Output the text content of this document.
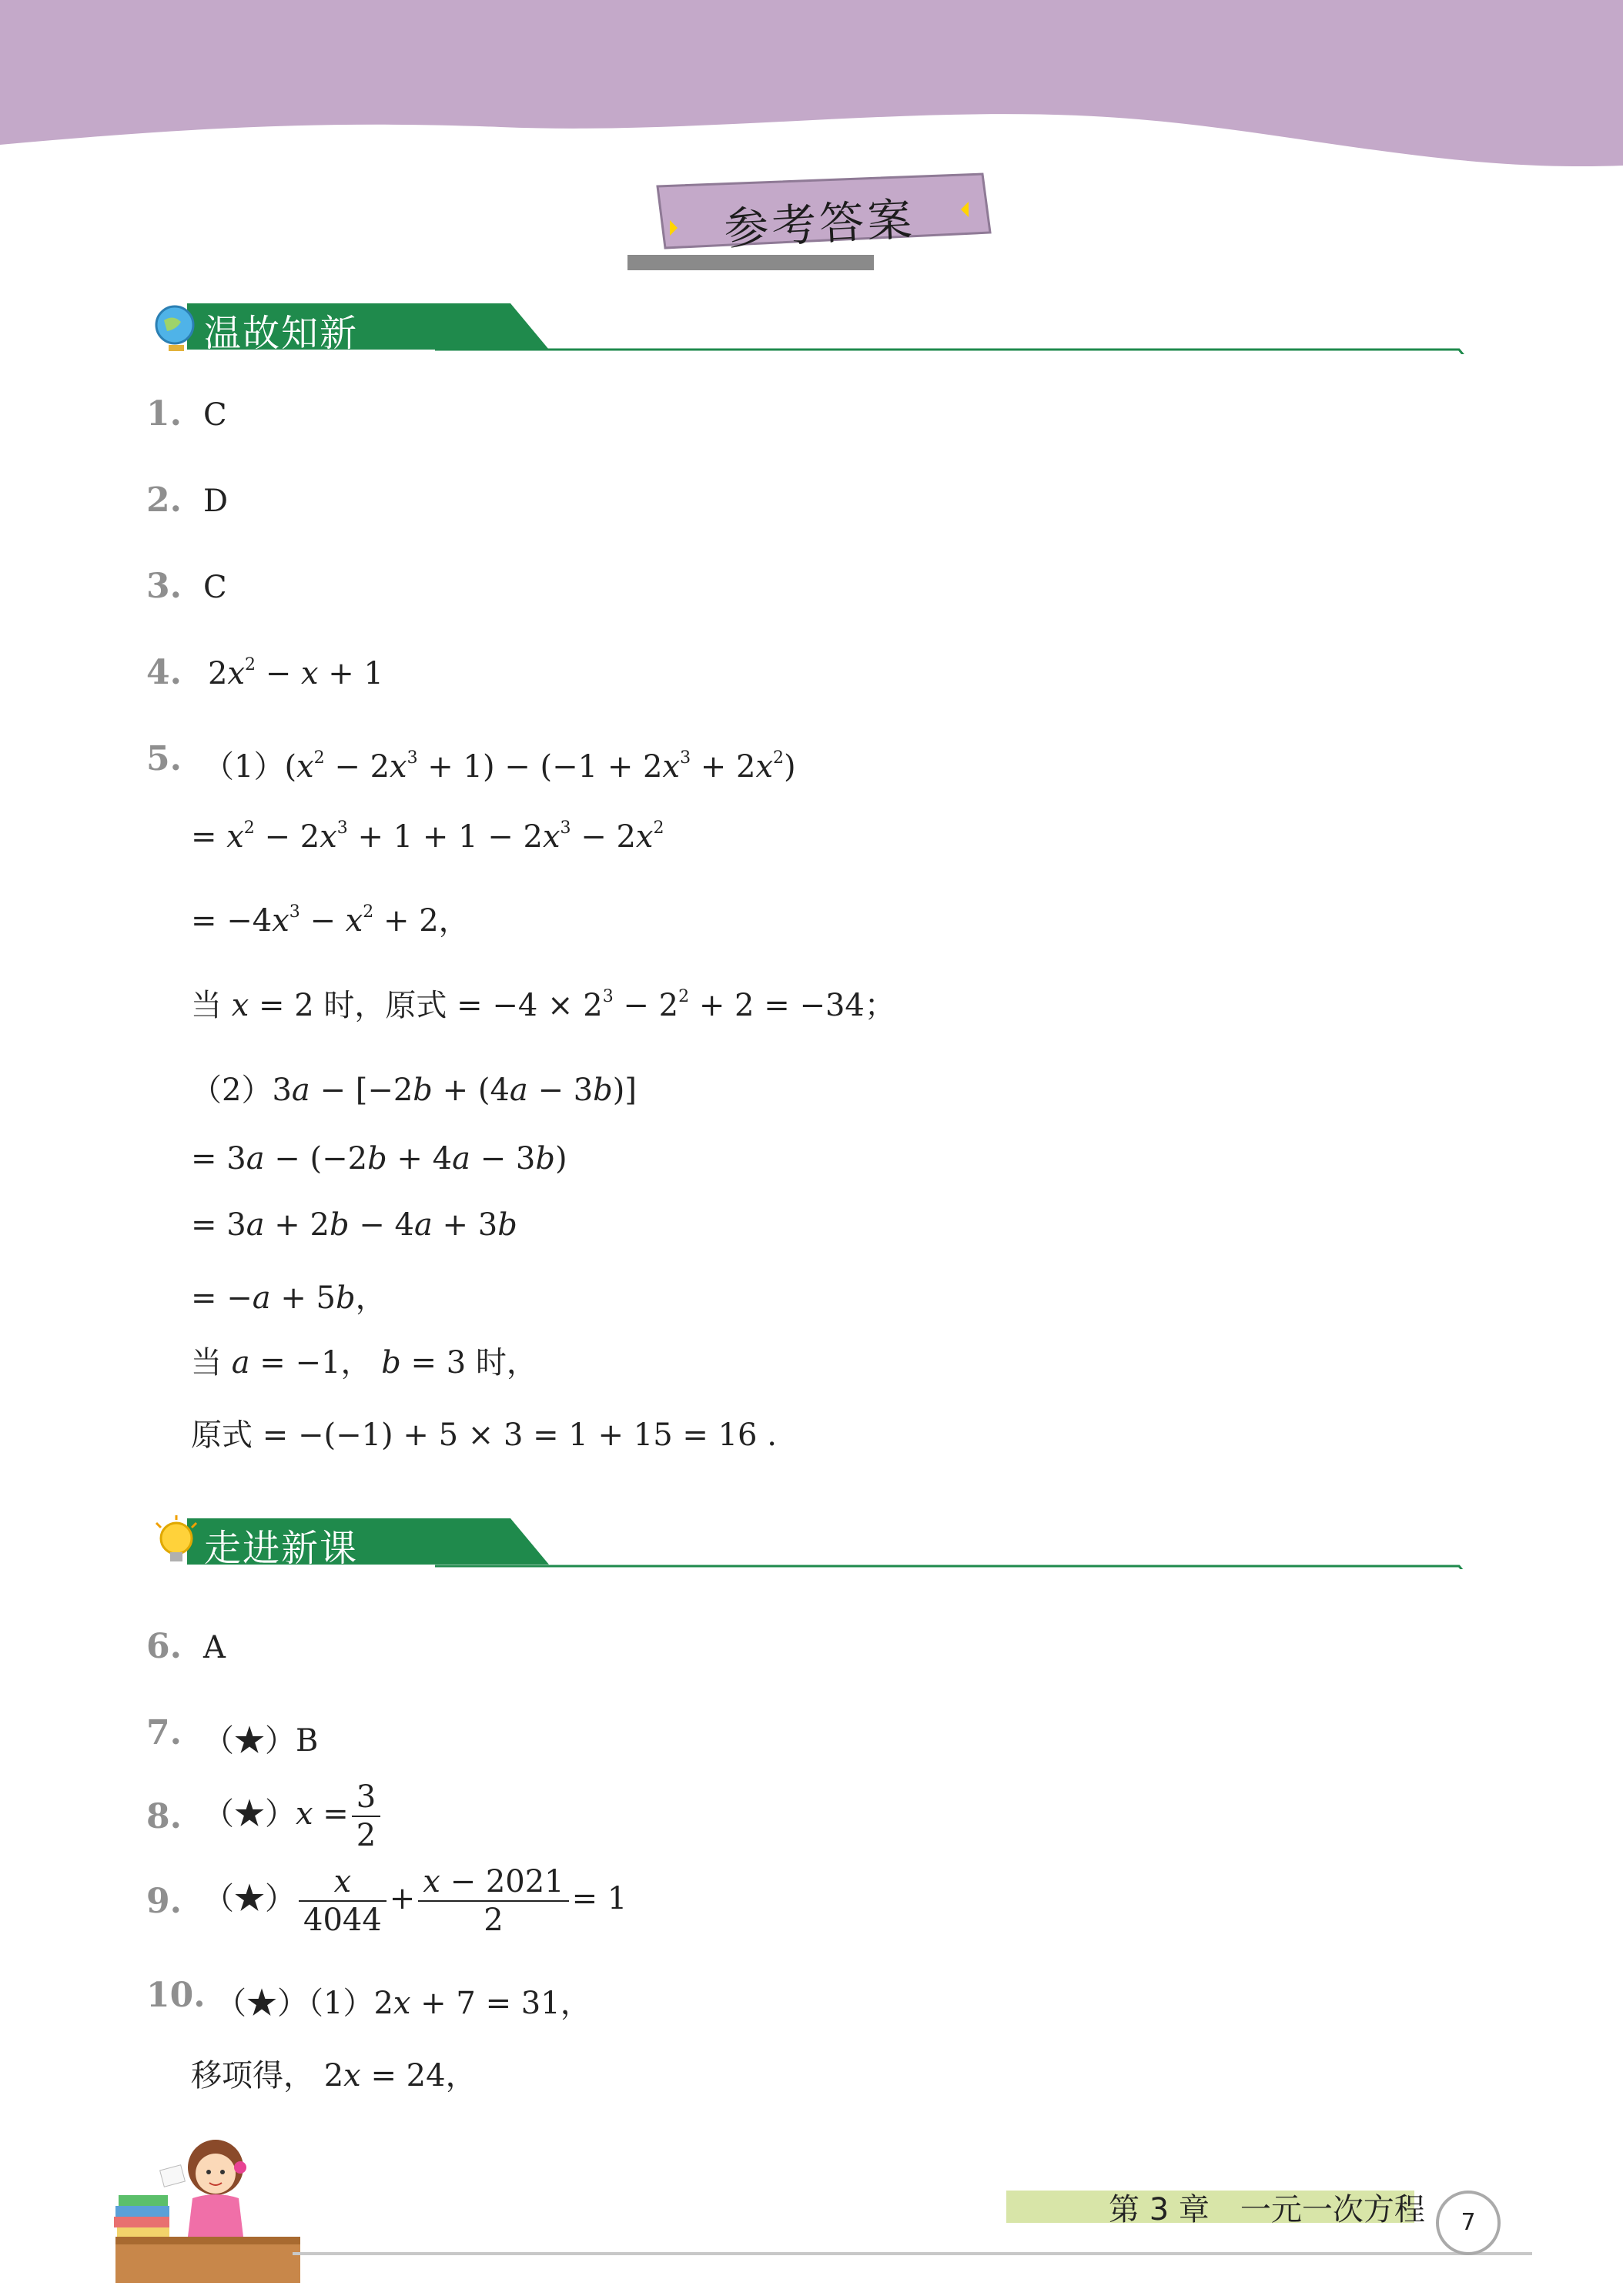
参考答案
温故知新
1. C
2. D
3. C
4. $2x^2 - x + 1$
5. $(1)(x^2 - 2x^3 + 1) - (-1 + 2x^3 + 2x^2)$
= $x^2 - 2x^3 + 1 + 1 - 2x^3 - 2x^2$
= $-4x^3 - x^2 + 2$，
当 x = 2 时，原式 = $-4 \times 2^3 - 2^2 + 2 = -34$；
（2）3a − [−2b + (4a − 3b)]
= 3a − (−2b + 4a − 3b)
= 3a + 2b − 4a + 3b
= −a + 5b，
当 a = −1， b = 3 时，
原式 = −(−1) + 5 × 3 = 1 + 15 = 16 .
走进新课
6. A
7. （★）B
8. （★）x = $\frac{3}{2}$
9. （★） $\frac{x}{4044} + \frac{x - 2021}{2} = 1$
10. （★）（1）2x + 7 = 31，
移项得， 2x = 24，
第 3 章　一元一次方程	7
